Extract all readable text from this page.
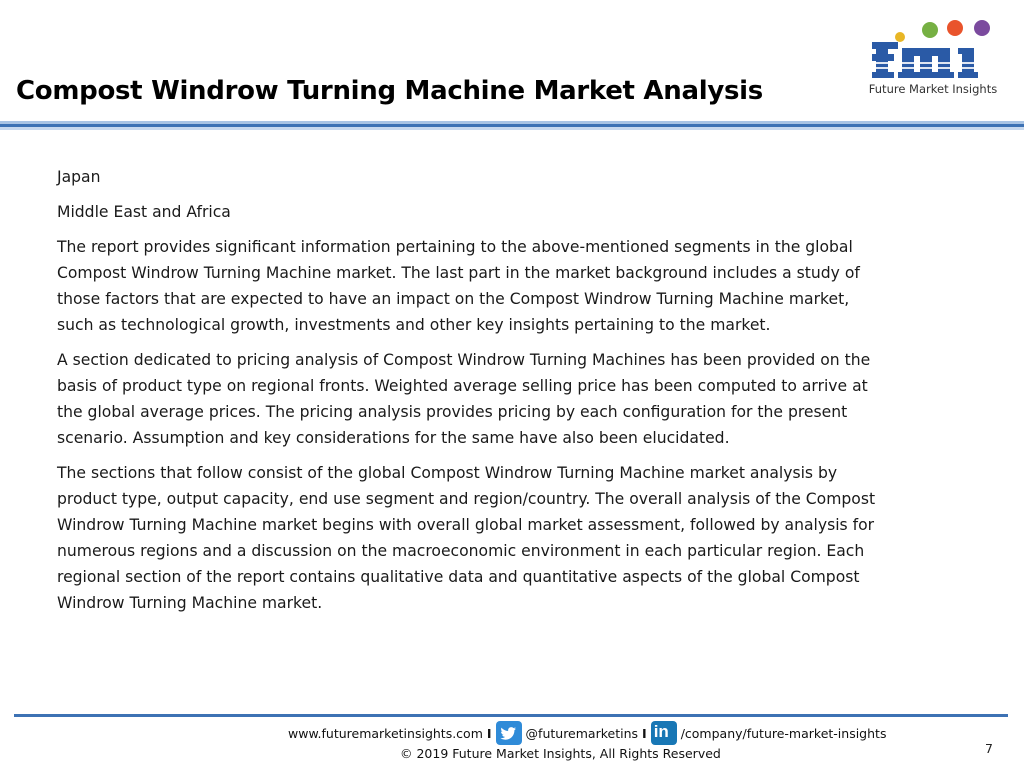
Compost Windrow Turning Machine Market Analysis	Future Market Insights

Japan

Middle East and Africa

The report provides significant information pertaining to the above-mentioned segments in the global Compost Windrow Turning Machine market. The last part in the market background includes a study of those factors that are expected to have an impact on the Compost Windrow Turning Machine market, such as technological growth, investments and other key insights pertaining to the market.

A section dedicated to pricing analysis of Compost Windrow Turning Machines has been provided on the basis of product type on regional fronts. Weighted average selling price has been computed to arrive at the global average prices. The pricing analysis provides pricing by each configuration for the present scenario. Assumption and key considerations for the same have also been elucidated.

The sections that follow consist of the global Compost Windrow Turning Machine market analysis by product type, output capacity, end use segment and region/country. The overall analysis of the Compost Windrow Turning Machine market begins with overall global market assessment, followed by analysis for numerous regions and a discussion on the macroeconomic environment in each particular region. Each regional section of the report contains qualitative data and quantitative aspects of the global Compost Windrow Turning Machine market.

www.futuremarketinsights.com I	@futuremarketins I in /company/future-market-insights
© 2019 Future Market Insights, All Rights Reserved	7
